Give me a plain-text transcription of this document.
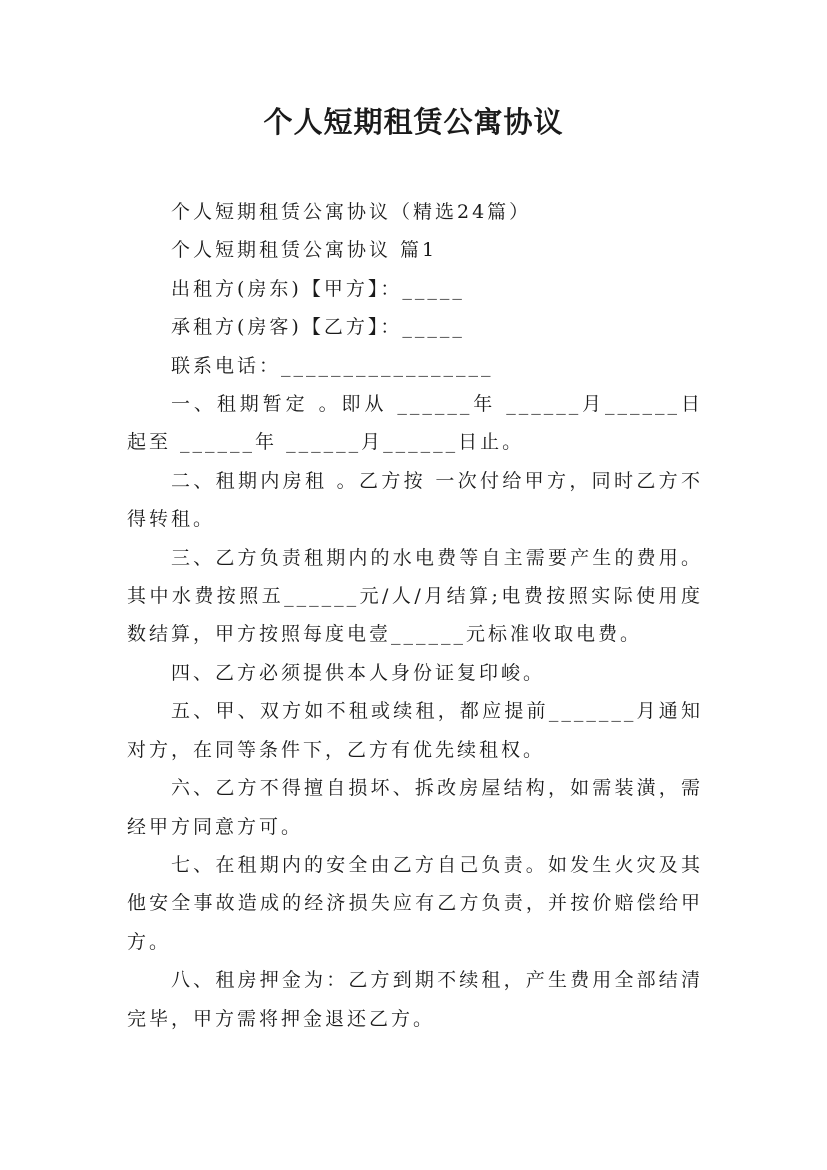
个人短期租赁公寓协议

个人短期租赁公寓协议（精选24篇）

个人短期租赁公寓协议 篇1

出租方(房东)【甲方】：_____

承租方(房客)【乙方】：_____

联系电话：_________________

一、租期暂定 。即从 ______年 ______月______日起至 ______年 ______月______日止。

二、租期内房租 。乙方按 一次付给甲方，同时乙方不得转租。

三、乙方负责租期内的水电费等自主需要产生的费用。其中水费按照五______元/人/月结算;电费按照实际使用度数结算，甲方按照每度电壹______元标准收取电费。

四、乙方必须提供本人身份证复印峻。

五、甲、双方如不租或续租，都应提前_______月通知对方，在同等条件下，乙方有优先续租权。

六、乙方不得擅自损坏、拆改房屋结构，如需装潢，需经甲方同意方可。

七、在租期内的安全由乙方自己负责。如发生火灾及其他安全事故造成的经济损失应有乙方负责，并按价赔偿给甲方。

八、租房押金为：乙方到期不续租，产生费用全部结清完毕，甲方需将押金退还乙方。
